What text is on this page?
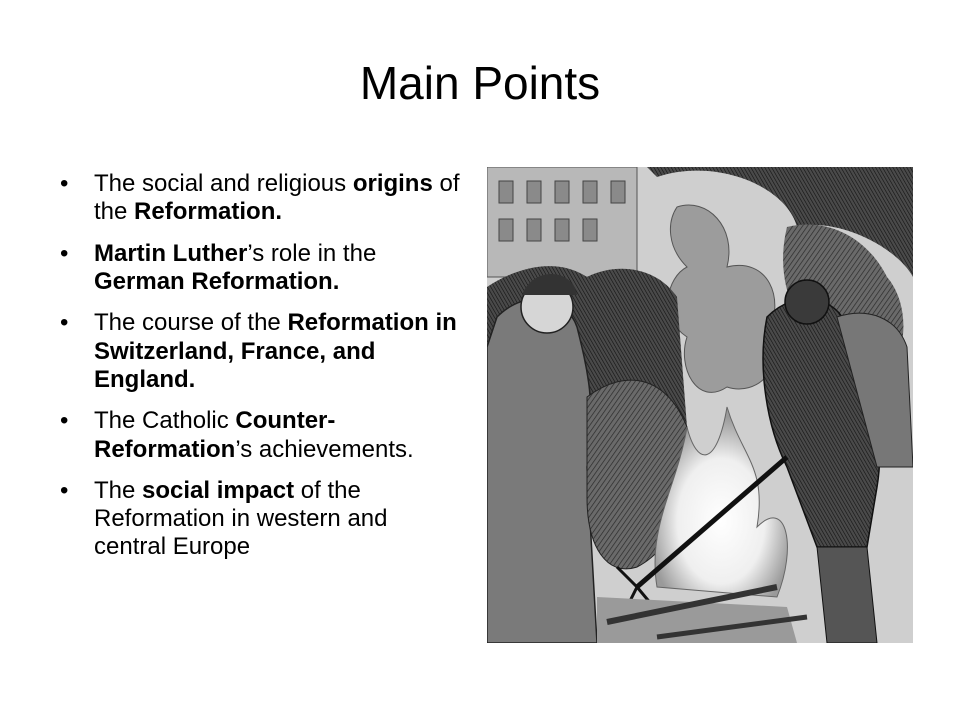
Main Points
• The social and religious origins of the Reformation.
• Martin Luther’s role in the German Reformation.
• The course of the Reformation in Switzerland, France, and England.
• The Catholic Counter-Reformation’s achievements.
• The social impact of the Reformation in western and central Europe
